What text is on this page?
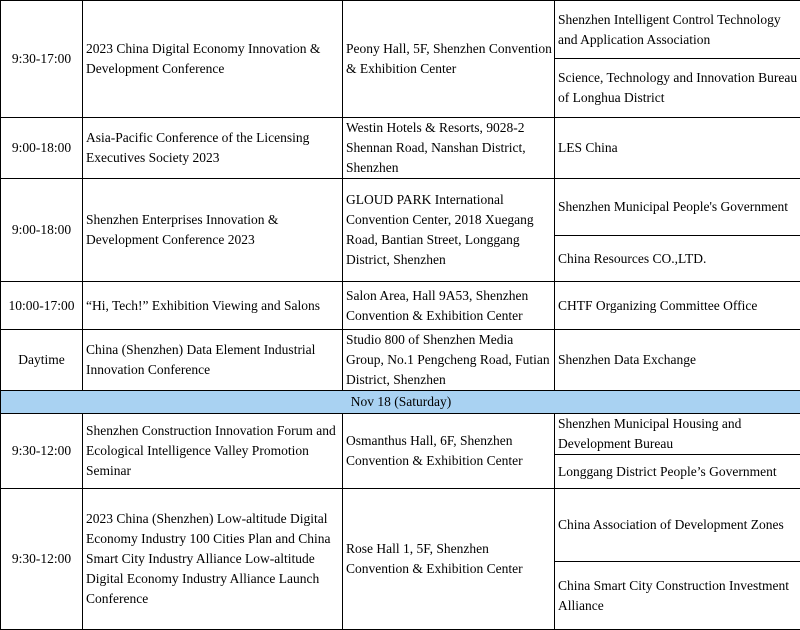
9:30-17:00	2023 China Digital Economy Innovation & Development Conference	Peony Hall, 5F, Shenzhen Convention & Exhibition Center	Shenzhen Intelligent Control Technology and Application Association
			Science, Technology and Innovation Bureau of Longhua District
9:00-18:00	Asia-Pacific Conference of the Licensing Executives Society 2023	Westin Hotels & Resorts, 9028-2 Shennan Road, Nanshan District, Shenzhen	LES China
9:00-18:00	Shenzhen Enterprises Innovation & Development Conference 2023	GLOUD PARK International Convention Center, 2018 Xuegang Road, Bantian Street, Longgang District, Shenzhen	Shenzhen Municipal People's Government
			China Resources CO.,LTD.
10:00-17:00	“Hi, Tech!” Exhibition Viewing and Salons	Salon Area, Hall 9A53, Shenzhen Convention & Exhibition Center	CHTF Organizing Committee Office
Daytime	China (Shenzhen) Data Element Industrial Innovation Conference	Studio 800 of Shenzhen Media Group, No.1 Pengcheng Road, Futian District, Shenzhen	Shenzhen Data Exchange
Nov 18 (Saturday)			
9:30-12:00	Shenzhen Construction Innovation Forum and Ecological Intelligence Valley Promotion Seminar	Osmanthus Hall, 6F, Shenzhen Convention & Exhibition Center	Shenzhen Municipal Housing and Development Bureau
			Longgang District People’s Government
9:30-12:00	2023 China (Shenzhen) Low-altitude Digital Economy Industry 100 Cities Plan and China Smart City Industry Alliance Low-altitude Digital Economy Industry Alliance Launch Conference	Rose Hall 1, 5F, Shenzhen Convention & Exhibition Center	China Association of Development Zones
			China Smart City Construction Investment Alliance
